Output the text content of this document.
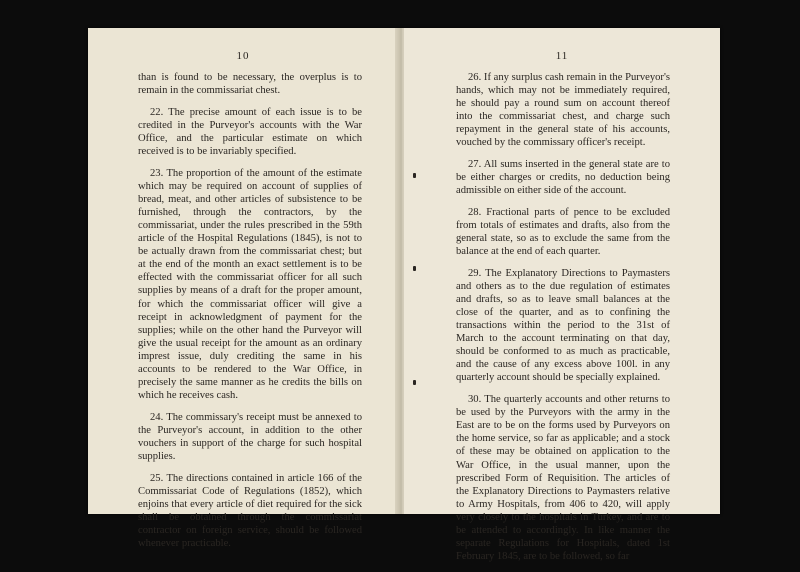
10

than is found to be necessary, the overplus is to remain in the commissariat chest.

22. The precise amount of each issue is to be credited in the Purveyor's accounts with the War Office, and the particular estimate on which received is to be invariably specified.

23. The proportion of the amount of the estimate which may be required on account of supplies of bread, meat, and other articles of subsistence to be furnished, through the contractors, by the commissariat, under the rules prescribed in the 59th article of the Hospital Regulations (1845), is not to be actually drawn from the commissariat chest; but at the end of the month an exact settlement is to be effected with the commissariat officer for all such supplies by means of a draft for the proper amount, for which the commissariat officer will give a receipt in acknowledgment of payment for the supplies; while on the other hand the Purveyor will give the usual receipt for the amount as an ordinary imprest issue, duly crediting the same in his accounts to be rendered to the War Office, in precisely the same manner as he credits the bills on which he receives cash.

24. The commissary's receipt must be annexed to the Purveyor's account, in addition to the other vouchers in support of the charge for such hospital supplies.

25. The directions contained in article 166 of the Commissariat Code of Regulations (1852), which enjoins that every article of diet required for the sick shall be obtained through the commissariat contractor on foreign service, should be followed whenever practicable.

11

26. If any surplus cash remain in the Purveyor's hands, which may not be immediately required, he should pay a round sum on account thereof into the commissariat chest, and charge such repayment in the general state of his accounts, vouched by the commissary officer's receipt.

27. All sums inserted in the general state are to be either charges or credits, no deduction being admissible on either side of the account.

28. Fractional parts of pence to be excluded from totals of estimates and drafts, also from the general state, so as to exclude the same from the balance at the end of each quarter.

29. The Explanatory Directions to Paymasters and others as to the due regulation of estimates and drafts, so as to leave small balances at the close of the quarter, and as to confining the transactions within the period to the 31st of March to the account terminating on that day, should be conformed to as much as practicable, and the cause of any excess above 100l. in any quarterly account should be specially explained.

30. The quarterly accounts and other returns to be used by the Purveyors with the army in the East are to be on the forms used by Purveyors on the home service, so far as applicable; and a stock of these may be obtained on application to the War Office, in the usual manner, upon the prescribed Form of Requisition. The articles of the Explanatory Directions to Paymasters relative to Army Hospitals, from 406 to 420, will apply very closely to the hospitals in Turkey, and are to be attended to accordingly. In like manner the separate Regulations for Hospitals, dated 1st February 1845, are to be followed, so far
